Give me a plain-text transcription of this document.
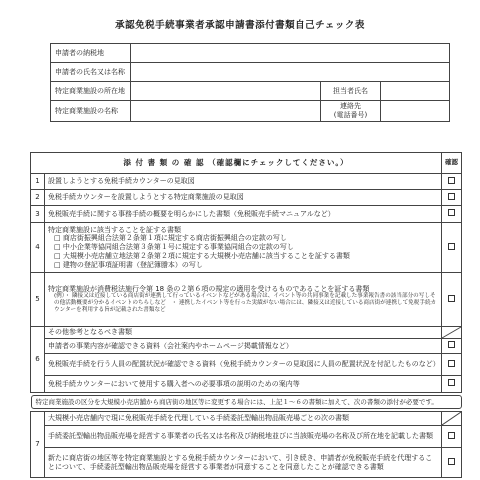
承認免税手続事業者承認申請書添付書類自己チェック表
申請者の納税地			
申請者の氏名又は名称			
特定商業施設の所在地		担当者氏名	
特定商業施設の名称		連絡先
(電話番号)	

添 付 書 類 の 確 認 （確認欄にチェックしてください。）		確認
1	設置しようとする免税手続カウンターの見取図	
2	免税手続カウンターを設置しようとする特定商業施設の見取図	
3	免税販売手続に関する事務手続の概要を明らかにした書類（免税販売手続マニュアルなど）	
4	特定商業施設に該当することを証する書類
□ 商店街振興組合法第２条第１項に規定する商店街振興組合の定款の写し
□ 中小企業等協同組合法第３条第１号に規定する事業協同組合の定款の写し
□ 大規模小売店舗立地法第２条第２項に規定する大規模小売店舗に該当することを証する書類
□ 建物の登記事項証明書（登記簿謄本）の写し	

5	特定商業施設が消費税法施行令第 18 条の２第６項の規定の適用を受けるものであることを証する書類
(例）・ 隣接又は近接している商店街が連携して行っているイベントなどがある場合は、イベント等の共同事業を記載した事業報告書の該当部分の写しその他活動概要が分かるイベントのちらしなど　・ 連携したイベント等を行った実績がない場合には、隣接又は近接している商店街が連携して免税手続カウンターを利用する旨が記載された書類など	

6	その他参考となるべき書類	

	申請者の事業内容が確認できる資料（会社案内やホームページ掲載情報など）	
	免税販売手続を行う人員の配置状況が確認できる資料（免税手続カウンターの見取図に人員の配置状況を付記したものなど）	
	免税手続カウンターにおいて使用する購入者への必要事項の説明のための案内等	

特定商業施設の区分を大規模小売店舗から商店街の地区等に変更する場合には、上記１～６の書類に加えて、次の書類の添付が必要です。		

7	大規模小売店舗内で現に免税販売手続を代理している手続委託型輸出物品販売場ごとの次の書類	

	手続委託型輸出物品販売場を経営する事業者の氏名又は名称及び納税地並びに当該販売場の名称及び所在地を記載した書類	
	新たに商店街の地区等を特定商業施設とする免税手続カウンターにおいて、引き続き、申請者が免税販売手続を代理することについて、手続委託型輸出物品販売場を経営する事業者が同意することを同意したことが確認できる書類	
